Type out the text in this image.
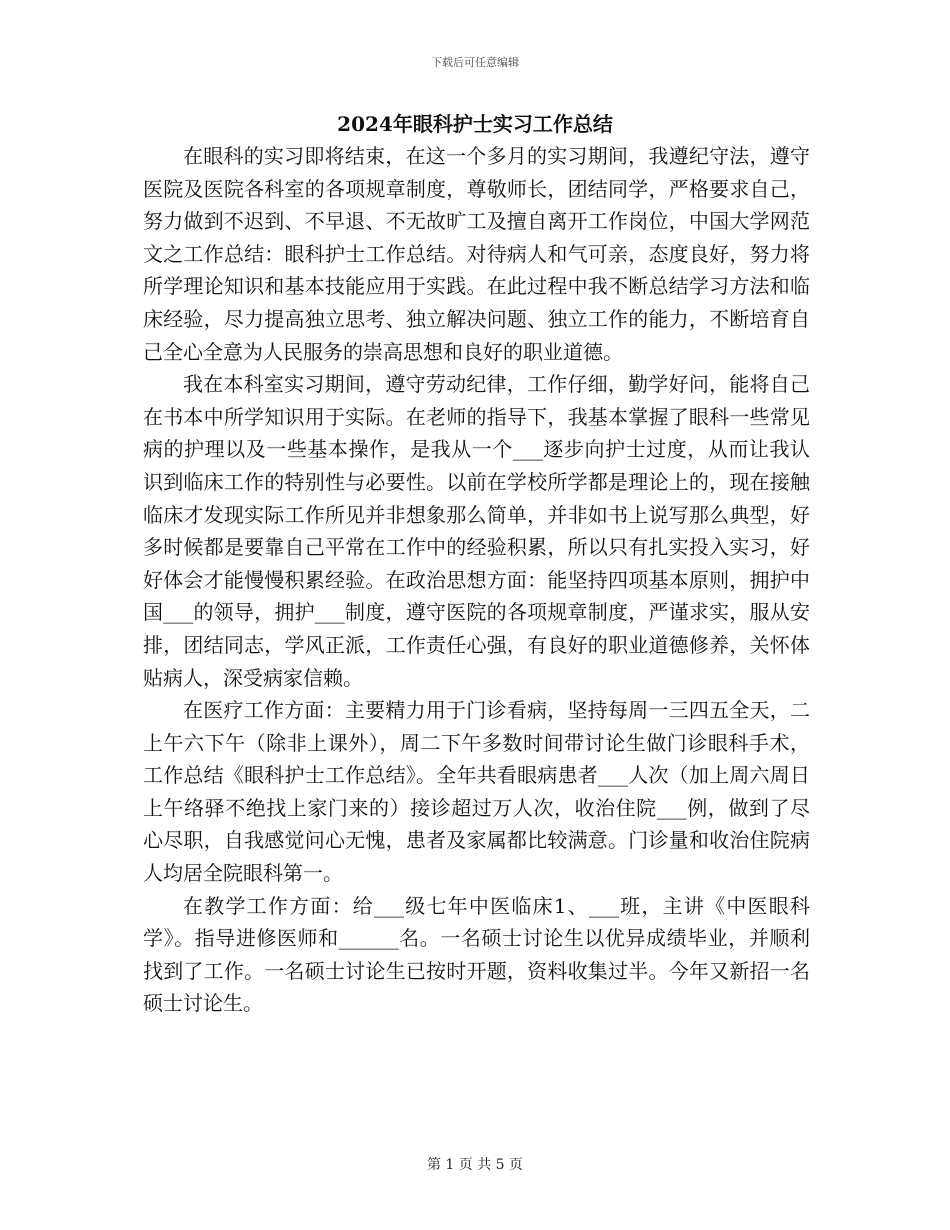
下载后可任意编辑
2024年眼科护士实习工作总结

在眼科的实习即将结束，在这一个多月的实习期间，我遵纪守法，遵守医院及医院各科室的各项规章制度，尊敬师长，团结同学，严格要求自己，努力做到不迟到、不早退、不无故旷工及擅自离开工作岗位，中国大学网范文之工作总结：眼科护士工作总结。对待病人和气可亲，态度良好，努力将所学理论知识和基本技能应用于实践。在此过程中我不断总结学习方法和临床经验，尽力提高独立思考、独立解决问题、独立工作的能力，不断培育自己全心全意为人民服务的崇高思想和良好的职业道德。

我在本科室实习期间，遵守劳动纪律，工作仔细，勤学好问，能将自己在书本中所学知识用于实际。在老师的指导下，我基本掌握了眼科一些常见病的护理以及一些基本操作，是我从一个___逐步向护士过度，从而让我认识到临床工作的特别性与必要性。以前在学校所学都是理论上的，现在接触临床才发现实际工作所见并非想象那么简单，并非如书上说写那么典型，好多时候都是要靠自己平常在工作中的经验积累，所以只有扎实投入实习，好好体会才能慢慢积累经验。在政治思想方面：能坚持四项基本原则，拥护中国___的领导，拥护___制度，遵守医院的各项规章制度，严谨求实，服从安排，团结同志，学风正派，工作责任心强，有良好的职业道德修养，关怀体贴病人，深受病家信赖。

在医疗工作方面：主要精力用于门诊看病，坚持每周一三四五全天，二上午六下午（除非上课外），周二下午多数时间带讨论生做门诊眼科手术，工作总结《眼科护士工作总结》。全年共看眼病患者___人次（加上周六周日上午络驿不绝找上家门来的）接诊超过万人次，收治住院___例，做到了尽心尽职，自我感觉问心无愧，患者及家属都比较满意。门诊量和收治住院病人均居全院眼科第一。

在教学工作方面：给___级七年中医临床1、___班，主讲《中医眼科学》。指导进修医师和______名。一名硕士讨论生以优异成绩毕业，并顺利找到了工作。一名硕士讨论生已按时开题，资料收集过半。今年又新招一名硕士讨论生。

第 1 页 共 5 页
